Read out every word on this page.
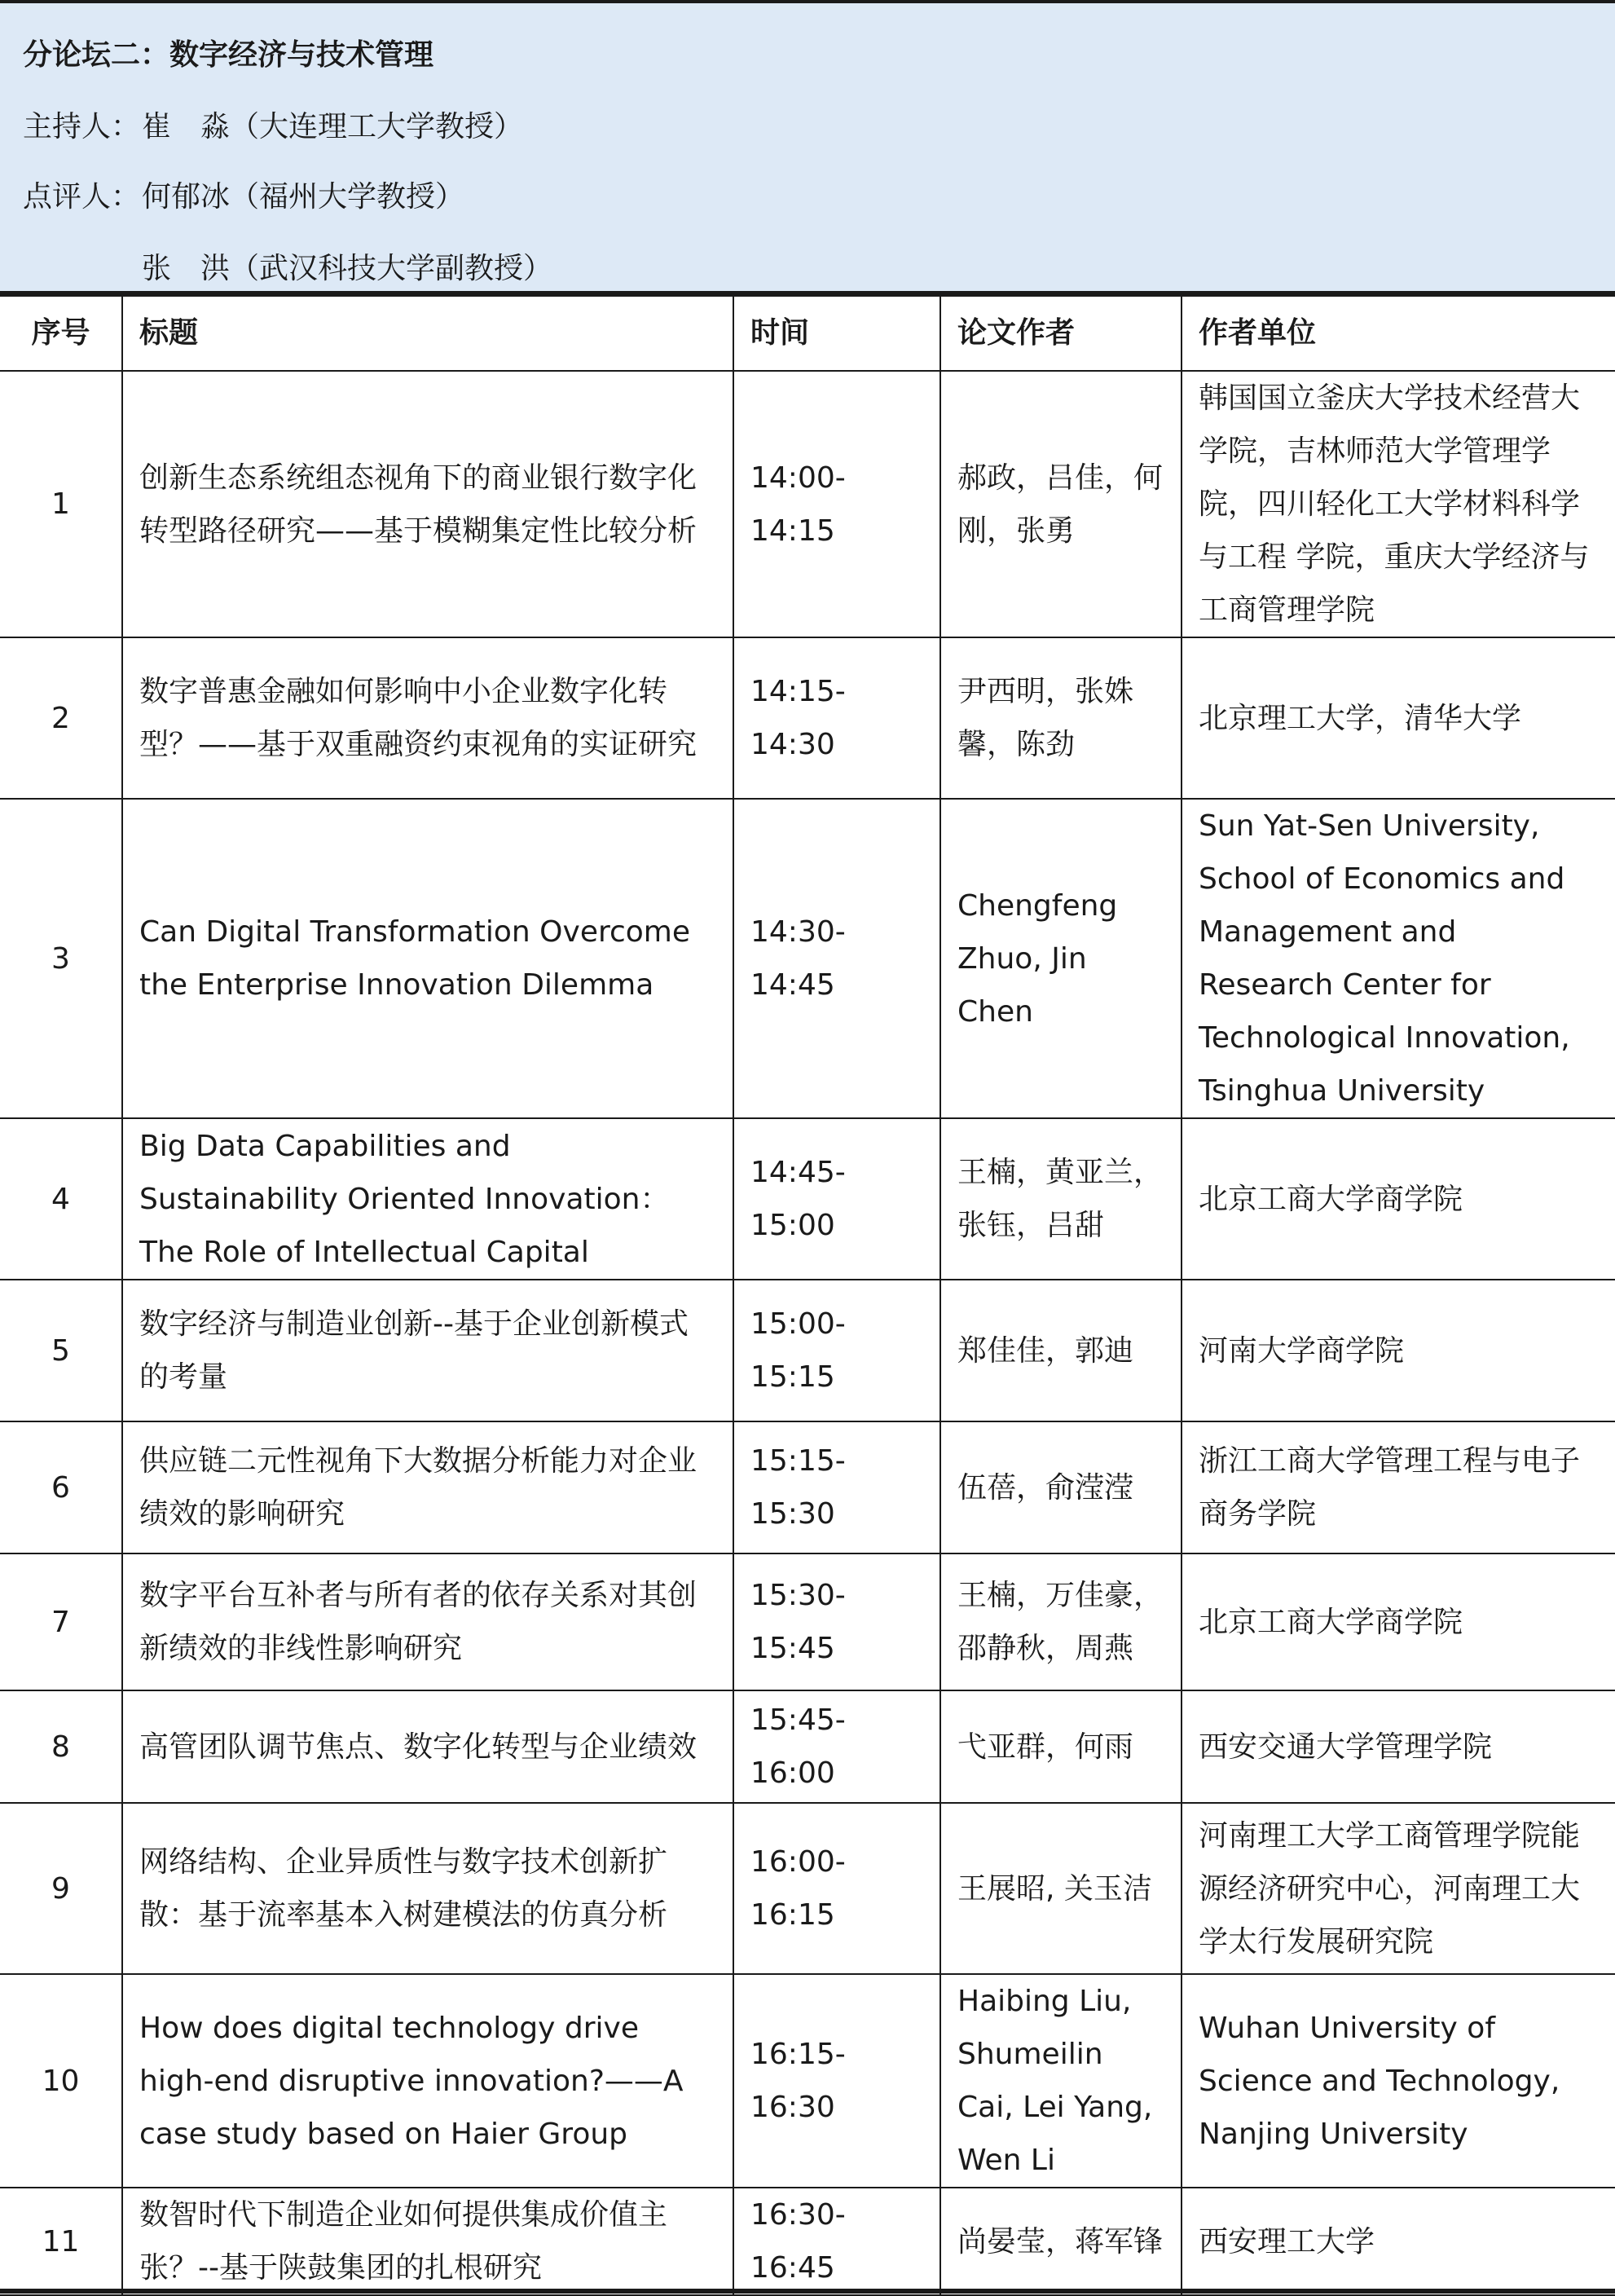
分论坛二：数字经济与技术管理
主持人：崔　淼（大连理工大学教授）
点评人：何郁冰（福州大学教授）
张　洪（武汉科技大学副教授）
序号	标题	时间	论文作者	作者单位
1	创新生态系统组态视角下的商业银行数字化转型路径研究——基于模糊集定性比较分析	14:00-14:15	郝政，吕佳，何刚，张勇	韩国国立釜庆大学技术经营大学院，吉林师范大学管理学院，四川轻化工大学材料科学与工程 学院，重庆大学经济与工商管理学院
2	数字普惠金融如何影响中小企业数字化转型？——基于双重融资约束视角的实证研究	14:15-14:30	尹西明，张姝馨，陈劲	北京理工大学，清华大学
3	Can Digital Transformation Overcome the Enterprise Innovation Dilemma	14:30-14:45	Chengfeng Zhuo, Jin Chen	Sun Yat-Sen University, School of Economics and Management and Research Center for Technological Innovation, Tsinghua University
4	Big Data Capabilities and Sustainability Oriented Innovation：The Role of Intellectual Capital	14:45-15:00	王楠，黄亚兰，张钰，吕甜	北京工商大学商学院
5	数字经济与制造业创新--基于企业创新模式的考量	15:00-15:15	郑佳佳，郭迪	河南大学商学院
6	供应链二元性视角下大数据分析能力对企业绩效的影响研究	15:15-15:30	伍蓓，俞滢滢	浙江工商大学管理工程与电子商务学院
7	数字平台互补者与所有者的依存关系对其创新绩效的非线性影响研究	15:30-15:45	王楠，万佳豪，邵静秋，周燕	北京工商大学商学院
8	高管团队调节焦点、数字化转型与企业绩效	15:45-16:00	弋亚群，何雨	西安交通大学管理学院
9	网络结构、企业异质性与数字技术创新扩散：基于流率基本入树建模法的仿真分析	16:00-16:15	王展昭, 关玉洁	河南理工大学工商管理学院能源经济研究中心，河南理工大学太行发展研究院
10	How does digital technology drive high-end disruptive innovation?——A case study based on Haier Group	16:15-16:30	Haibing Liu, Shumeilin Cai, Lei Yang, Wen Li	Wuhan University of Science and Technology, Nanjing University
11	数智时代下制造企业如何提供集成价值主张？--基于陕鼓集团的扎根研究	16:30-16:45	尚晏莹，蒋军锋	西安理工大学
